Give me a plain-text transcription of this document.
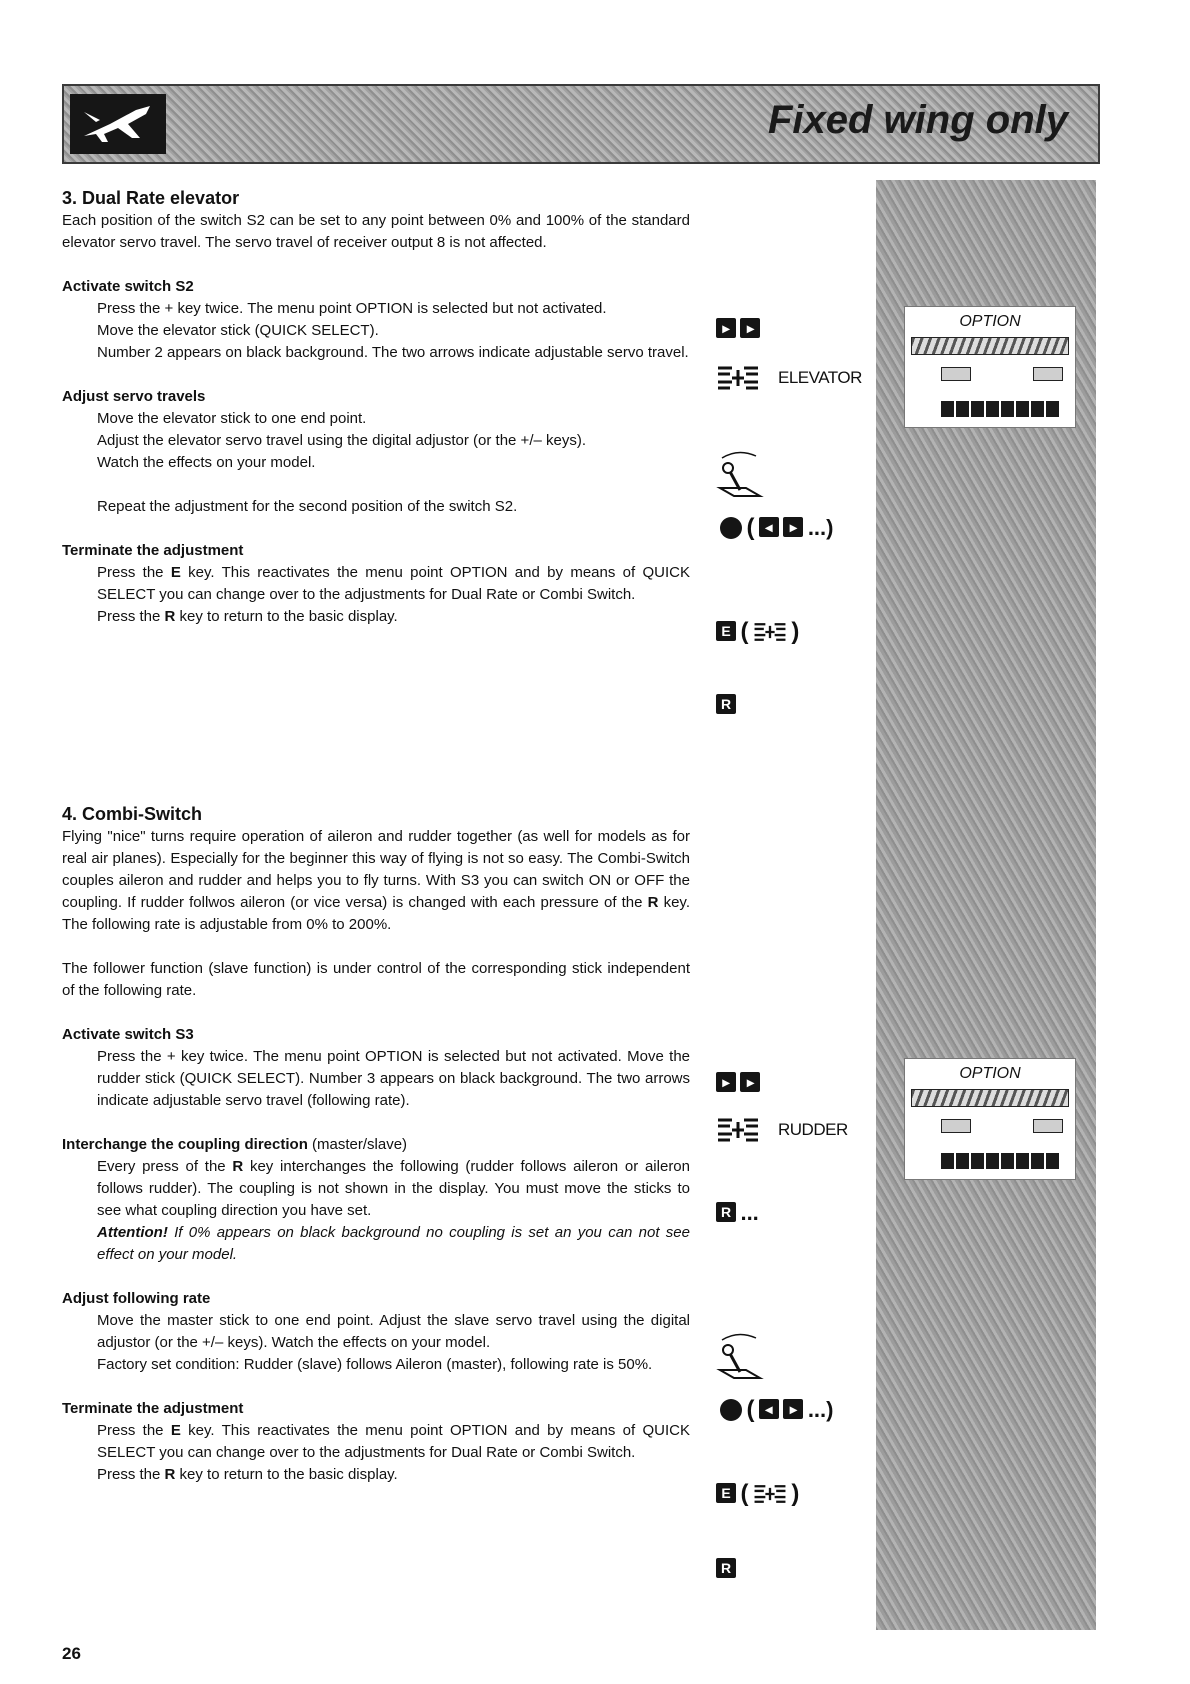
Fixed wing only
3. Dual Rate elevator

Each position of the switch S2 can be set to any point between 0% and 100% of the standard elevator servo travel. The servo travel of receiver output 8 is not affected.

Activate switch S2

Press the + key twice. The menu point OPTION is selected but not activated.

Move the elevator stick (QUICK SELECT).

Number 2 appears on black background. The two arrows indicate adjustable servo travel.

Adjust servo travels

Move the elevator stick to one end point.

Adjust the elevator servo travel using the digital adjustor (or the +/– keys).

Watch the effects on your model.

Repeat the adjustment for the second position of the switch S2.

Terminate the adjustment

Press the E key. This reactivates the menu point OPTION and by means of QUICK SELECT you can change over to the adjustments for Dual Rate or Combi Switch.

Press the R key to return to the basic display.

4. Combi-Switch

Flying "nice" turns require operation of aileron and rudder together (as well for models as for real air planes). Especially for the beginner this way of flying is not so easy. The Combi-Switch couples aileron and rudder and helps you to fly turns. With S3 you can switch ON or OFF the coupling. If rudder follwos aileron (or vice versa) is changed with each pressure of the R key. The following rate is adjustable from 0% to 200%.

The follower function (slave function) is under control of the corresponding stick independent of the following rate.

Activate switch S3

Press the + key twice. The menu point OPTION is selected but not activated. Move the rudder stick (QUICK SELECT). Number 3 appears on black background. The two arrows indicate adjustable servo travel (following rate).

Interchange the coupling direction (master/slave)

Every press of the R key interchanges the following (rudder follows aileron or aileron follows rudder). The coupling is not shown in the display. You must move the sticks to see what coupling direction you have set.

Attention! If 0% appears on black background no coupling is set an you can not see effect on your model.

Adjust following rate

Move the master stick to one end point. Adjust the slave servo travel using the digital adjustor (or the +/– keys). Watch the effects on your model.

Factory set condition: Rudder (slave) follows Aileron (master), following rate is 50%.

Terminate the adjustment

Press the E key. This reactivates the menu point OPTION and by means of QUICK SELECT you can change over to the adjustments for Dual Rate or Combi Switch.

Press the R key to return to the basic display.

▸ ▸
ELEVATOR
( ◂ ▸ ...)
E ( )
R
OPTION
▸ ▸
RUDDER
R ...
( ◂ ▸ ...)
E ( )
R
OPTION
26
